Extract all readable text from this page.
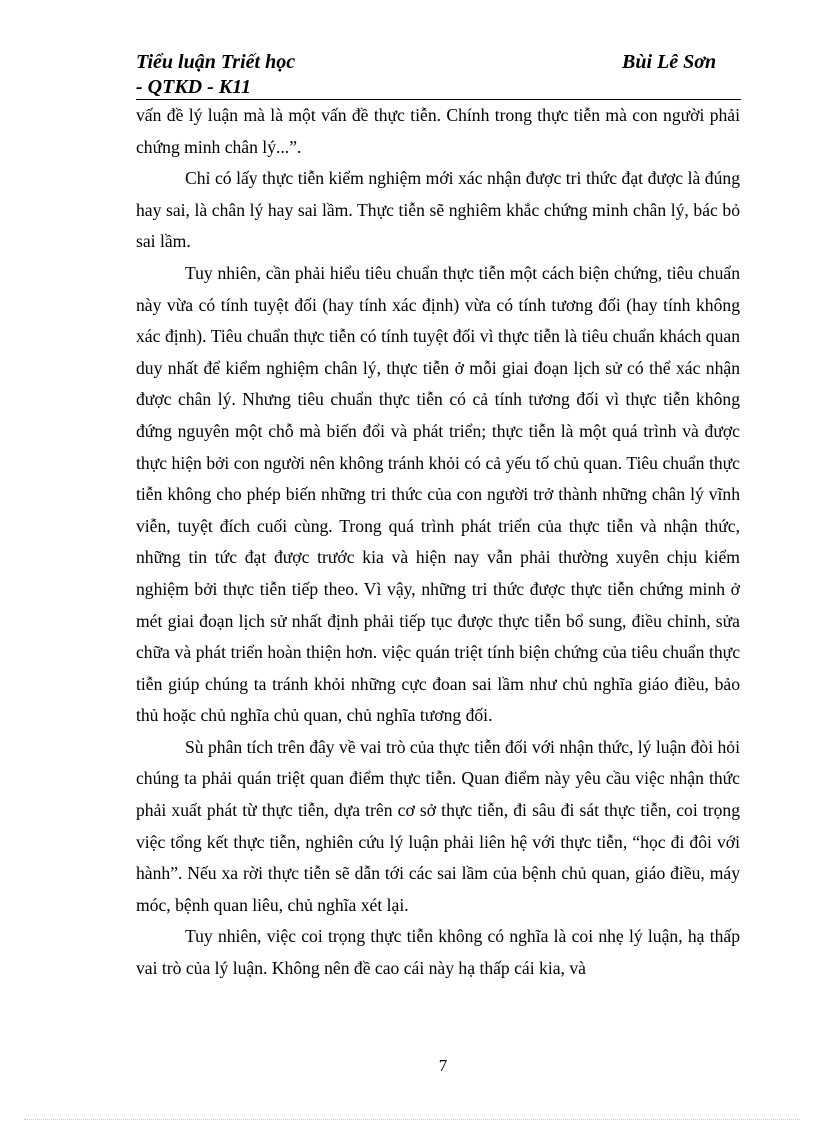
Tiểu luận Triết học
- QTKD - K11
Bùi Lê Sơn

vấn đề lý luận mà là một vấn đề thực tiễn. Chính trong thực tiễn mà con người phải chứng minh chân lý...”.

Chỉ có lấy thực tiễn kiểm nghiệm mới xác nhận được tri thức đạt được là đúng hay sai, là chân lý hay sai lầm. Thực tiễn sẽ nghiêm khắc chứng minh chân lý, bác bỏ sai lầm.

Tuy nhiên, cần phải hiểu tiêu chuẩn thực tiễn một cách biện chứng, tiêu chuẩn này vừa có tính tuyệt đối (hay tính xác định) vừa có tính tương đối (hay tính không xác định). Tiêu chuẩn thực tiễn có tính tuyệt đối vì thực tiễn là tiêu chuẩn khách quan duy nhất để kiểm nghiệm chân lý, thực tiễn ở mỗi giai đoạn lịch sử có thể xác nhận được chân lý. Nhưng tiêu chuẩn thực tiễn có cả tính tương đối vì thực tiễn không đứng nguyên một chỗ mà biến đổi và phát triển; thực tiễn là một quá trình và được thực hiện bởi con người nên không tránh khỏi có cả yếu tố chủ quan. Tiêu chuẩn thực tiễn không cho phép biến những tri thức của con người trở thành những chân lý vĩnh viễn, tuyệt đích cuối cùng. Trong quá trình phát triển của thực tiễn và nhận thức, những tin tức đạt được trước kia và hiện nay vẫn phải thường xuyên chịu kiểm nghiệm bởi thực tiễn tiếp theo. Vì vậy, những tri thức được thực tiễn chứng minh ở mét giai đoạn lịch sử nhất định phải tiếp tục được thực tiễn bổ sung, điều chỉnh, sửa chữa và phát triển hoàn thiện hơn. việc quán triệt tính biện chứng của tiêu chuẩn thực tiễn giúp chúng ta tránh khỏi những cực đoan sai lầm như chủ nghĩa giáo điều, bảo thủ hoặc chủ nghĩa chủ quan, chủ nghĩa tương đối.

Sù phân tích trên đây về vai trò của thực tiễn đối với nhận thức, lý luận đòi hỏi chúng ta phải quán triệt quan điểm thực tiễn. Quan điểm này yêu cầu việc nhận thức phải xuất phát từ thực tiễn, dựa trên cơ sở thực tiễn, đi sâu đi sát thực tiễn, coi trọng việc tổng kết thực tiễn, nghiên cứu lý luận phải liên hệ với thực tiễn, “học đi đôi với hành”. Nếu xa rời thực tiễn sẽ dẫn tới các sai lầm của bệnh chủ quan, giáo điều, máy móc, bệnh quan liêu, chủ nghĩa xét lại.

Tuy nhiên, việc coi trọng thực tiễn không có nghĩa là coi nhẹ lý luận, hạ thấp vai trò của lý luận. Không nên đề cao cái này hạ thấp cái kia, và

7
